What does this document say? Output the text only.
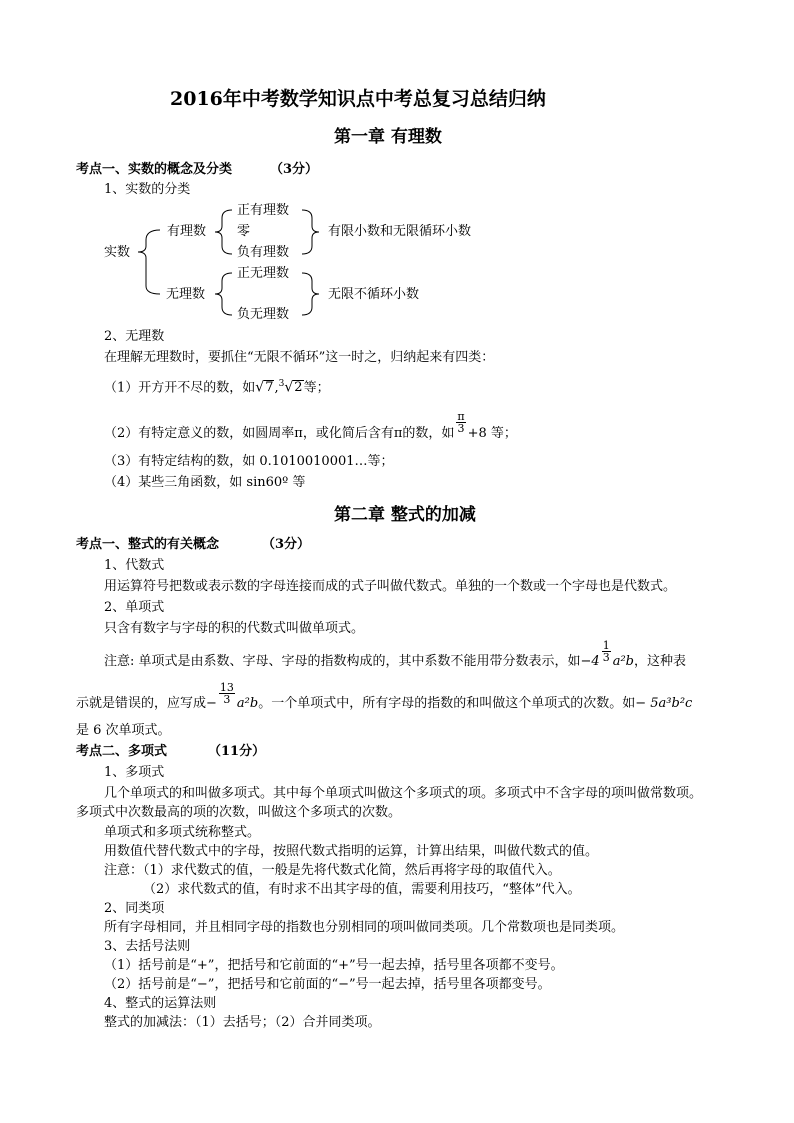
2016年中考数学知识点中考总复习总结归纳
第一章 有理数
考点一、实数的概念及分类	（3分）
1、实数的分类
实数
有理数
无理数
正有理数
零
负有理数
正无理数
负无理数
有限小数和无限循环小数
无限不循环小数
2、无理数
在理解无理数时，要抓住“无限不循环”这一时之，归纳起来有四类：
（1）开方开不尽的数，如√7,$^3$√2等；
（2）有特定意义的数，如圆周率π，或化简后含有π的数，如 $\frac{\pi}{3} +8$ 等；
（3）有特定结构的数，如 0.1010010001…等；
（4）某些三角函数，如 sin60º 等
第二章 整式的加减
考点一、整式的有关概念	（3分）
1、代数式
用运算符号把数或表示数的字母连接而成的式子叫做代数式。单独的一个数或一个字母也是代数式。
2、单项式
只含有数字与字母的积的代数式叫做单项式。
注意: 单项式是由系数、字母、字母的指数构成的，其中系数不能用带分数表示，如$-4 \frac{1}{3} a^2b$，这种表
示就是错误的，应写成− $\frac{13}{3} a^2b$。一个单项式中，所有字母的指数的和叫做这个单项式的次数。如− 5a³b²c
是 6 次单项式。
考点二、多项式	（11分）
1、多项式
几个单项式的和叫做多项式。其中每个单项式叫做这个多项式的项。多项式中不含字母的项叫做常数项。
多项式中次数最高的项的次数，叫做这个多项式的次数。
单项式和多项式统称整式。
用数值代替代数式中的字母，按照代数式指明的运算，计算出结果，叫做代数式的值。
注意：（1）求代数式的值，一般是先将代数式化简，然后再将字母的取值代入。
（2）求代数式的值，有时求不出其字母的值，需要利用技巧，“整体”代入。
2、同类项
所有字母相同，并且相同字母的指数也分别相同的项叫做同类项。几个常数项也是同类项。
3、去括号法则
（1）括号前是“+”，把括号和它前面的“+”号一起去掉，括号里各项都不变号。
（2）括号前是“−”，把括号和它前面的“−”号一起去掉，括号里各项都变号。
4、整式的运算法则
整式的加减法：（1）去括号；（2）合并同类项。
